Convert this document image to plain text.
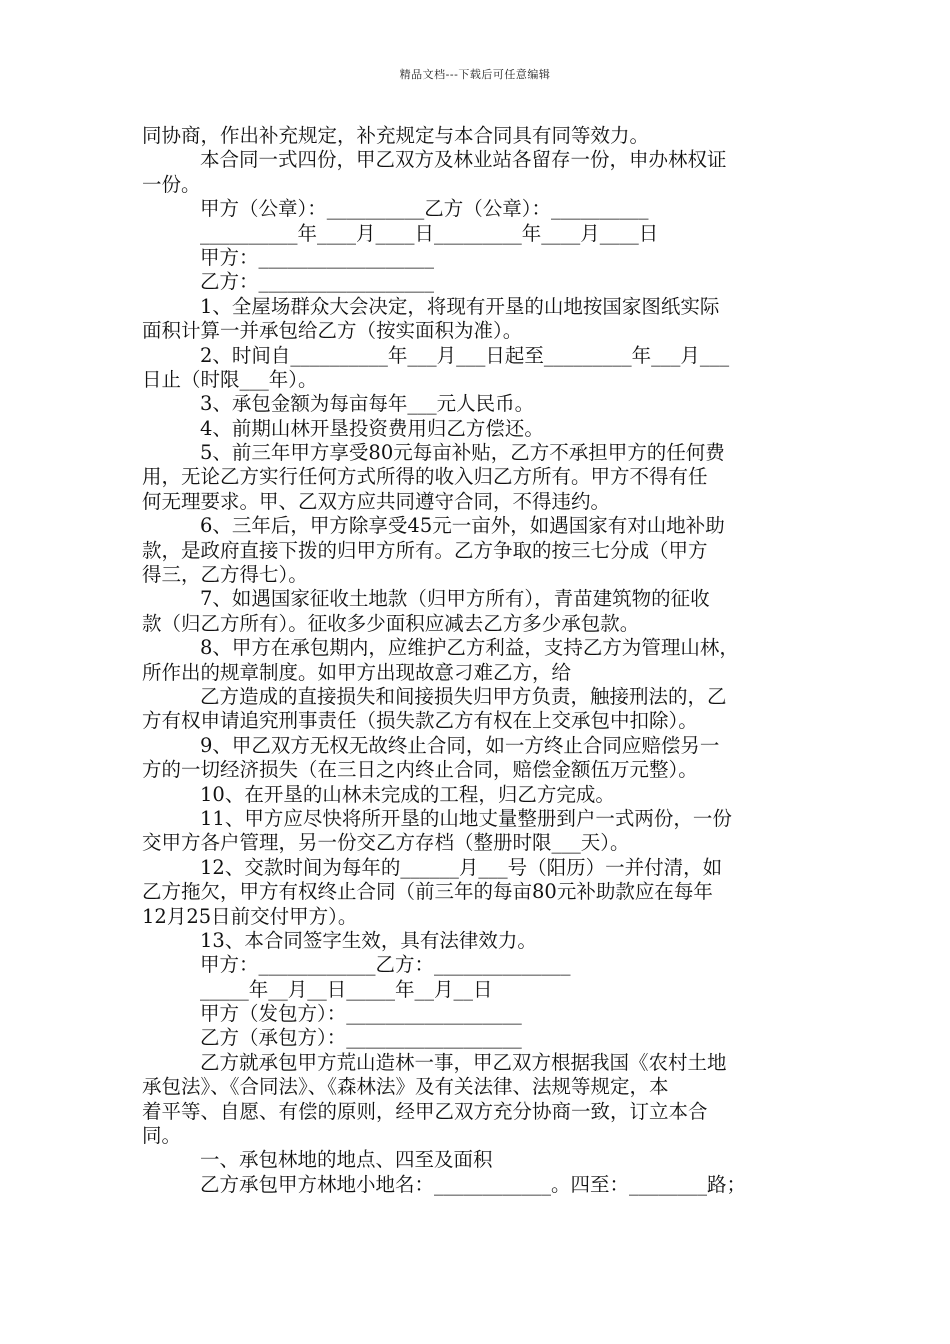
精品文档---下载后可任意编辑
同协商，作出补充规定，补充规定与本合同具有同等效力。
本合同一式四份，甲乙双方及林业站各留存一份，申办林权证
一份。
甲方（公章）：__________乙方（公章）：__________
__________年____月____日_________年____月____日
甲方：__________________
乙方：__________________
1、全屋场群众大会决定，将现有开垦的山地按国家图纸实际
面积计算一并承包给乙方（按实面积为准）。
2、时间自__________年___月___日起至_________年___月___
日止（时限___年）。
3、承包金额为每亩每年___元人民币。
4、前期山林开垦投资费用归乙方偿还。
5、前三年甲方享受80元每亩补贴，乙方不承担甲方的任何费
用，无论乙方实行任何方式所得的收入归乙方所有。甲方不得有任
何无理要求。甲、乙双方应共同遵守合同，不得违约。
6、三年后，甲方除享受45元一亩外，如遇国家有对山地补助
款，是政府直接下拨的归甲方所有。乙方争取的按三七分成（甲方
得三，乙方得七）。
7、如遇国家征收土地款（归甲方所有），青苗建筑物的征收
款（归乙方所有）。征收多少面积应减去乙方多少承包款。
8、甲方在承包期内，应维护乙方利益，支持乙方为管理山林，
所作出的规章制度。如甲方出现故意刁难乙方，给
乙方造成的直接损失和间接损失归甲方负责，触接刑法的，乙
方有权申请追究刑事责任（损失款乙方有权在上交承包中扣除）。
9、甲乙双方无权无故终止合同，如一方终止合同应赔偿另一
方的一切经济损失（在三日之内终止合同，赔偿金额伍万元整）。
10、在开垦的山林未完成的工程，归乙方完成。
11、甲方应尽快将所开垦的山地丈量整册到户一式两份，一份
交甲方各户管理，另一份交乙方存档（整册时限___天）。
12、交款时间为每年的______月___号（阳历）一并付清，如
乙方拖欠，甲方有权终止合同（前三年的每亩80元补助款应在每年
12月25日前交付甲方）。
13、本合同签字生效，具有法律效力。
甲方：____________乙方：______________
_____年__月__日_____年__月__日
甲方（发包方）：__________________
乙方（承包方）：__________________
乙方就承包甲方荒山造林一事，甲乙双方根据我国《农村土地
承包法》、《合同法》、《森林法》及有关法律、法规等规定，本
着平等、自愿、有偿的原则，经甲乙双方充分协商一致，订立本合
同。
一、承包林地的地点、四至及面积
乙方承包甲方林地小地名：____________。四至：________路；
